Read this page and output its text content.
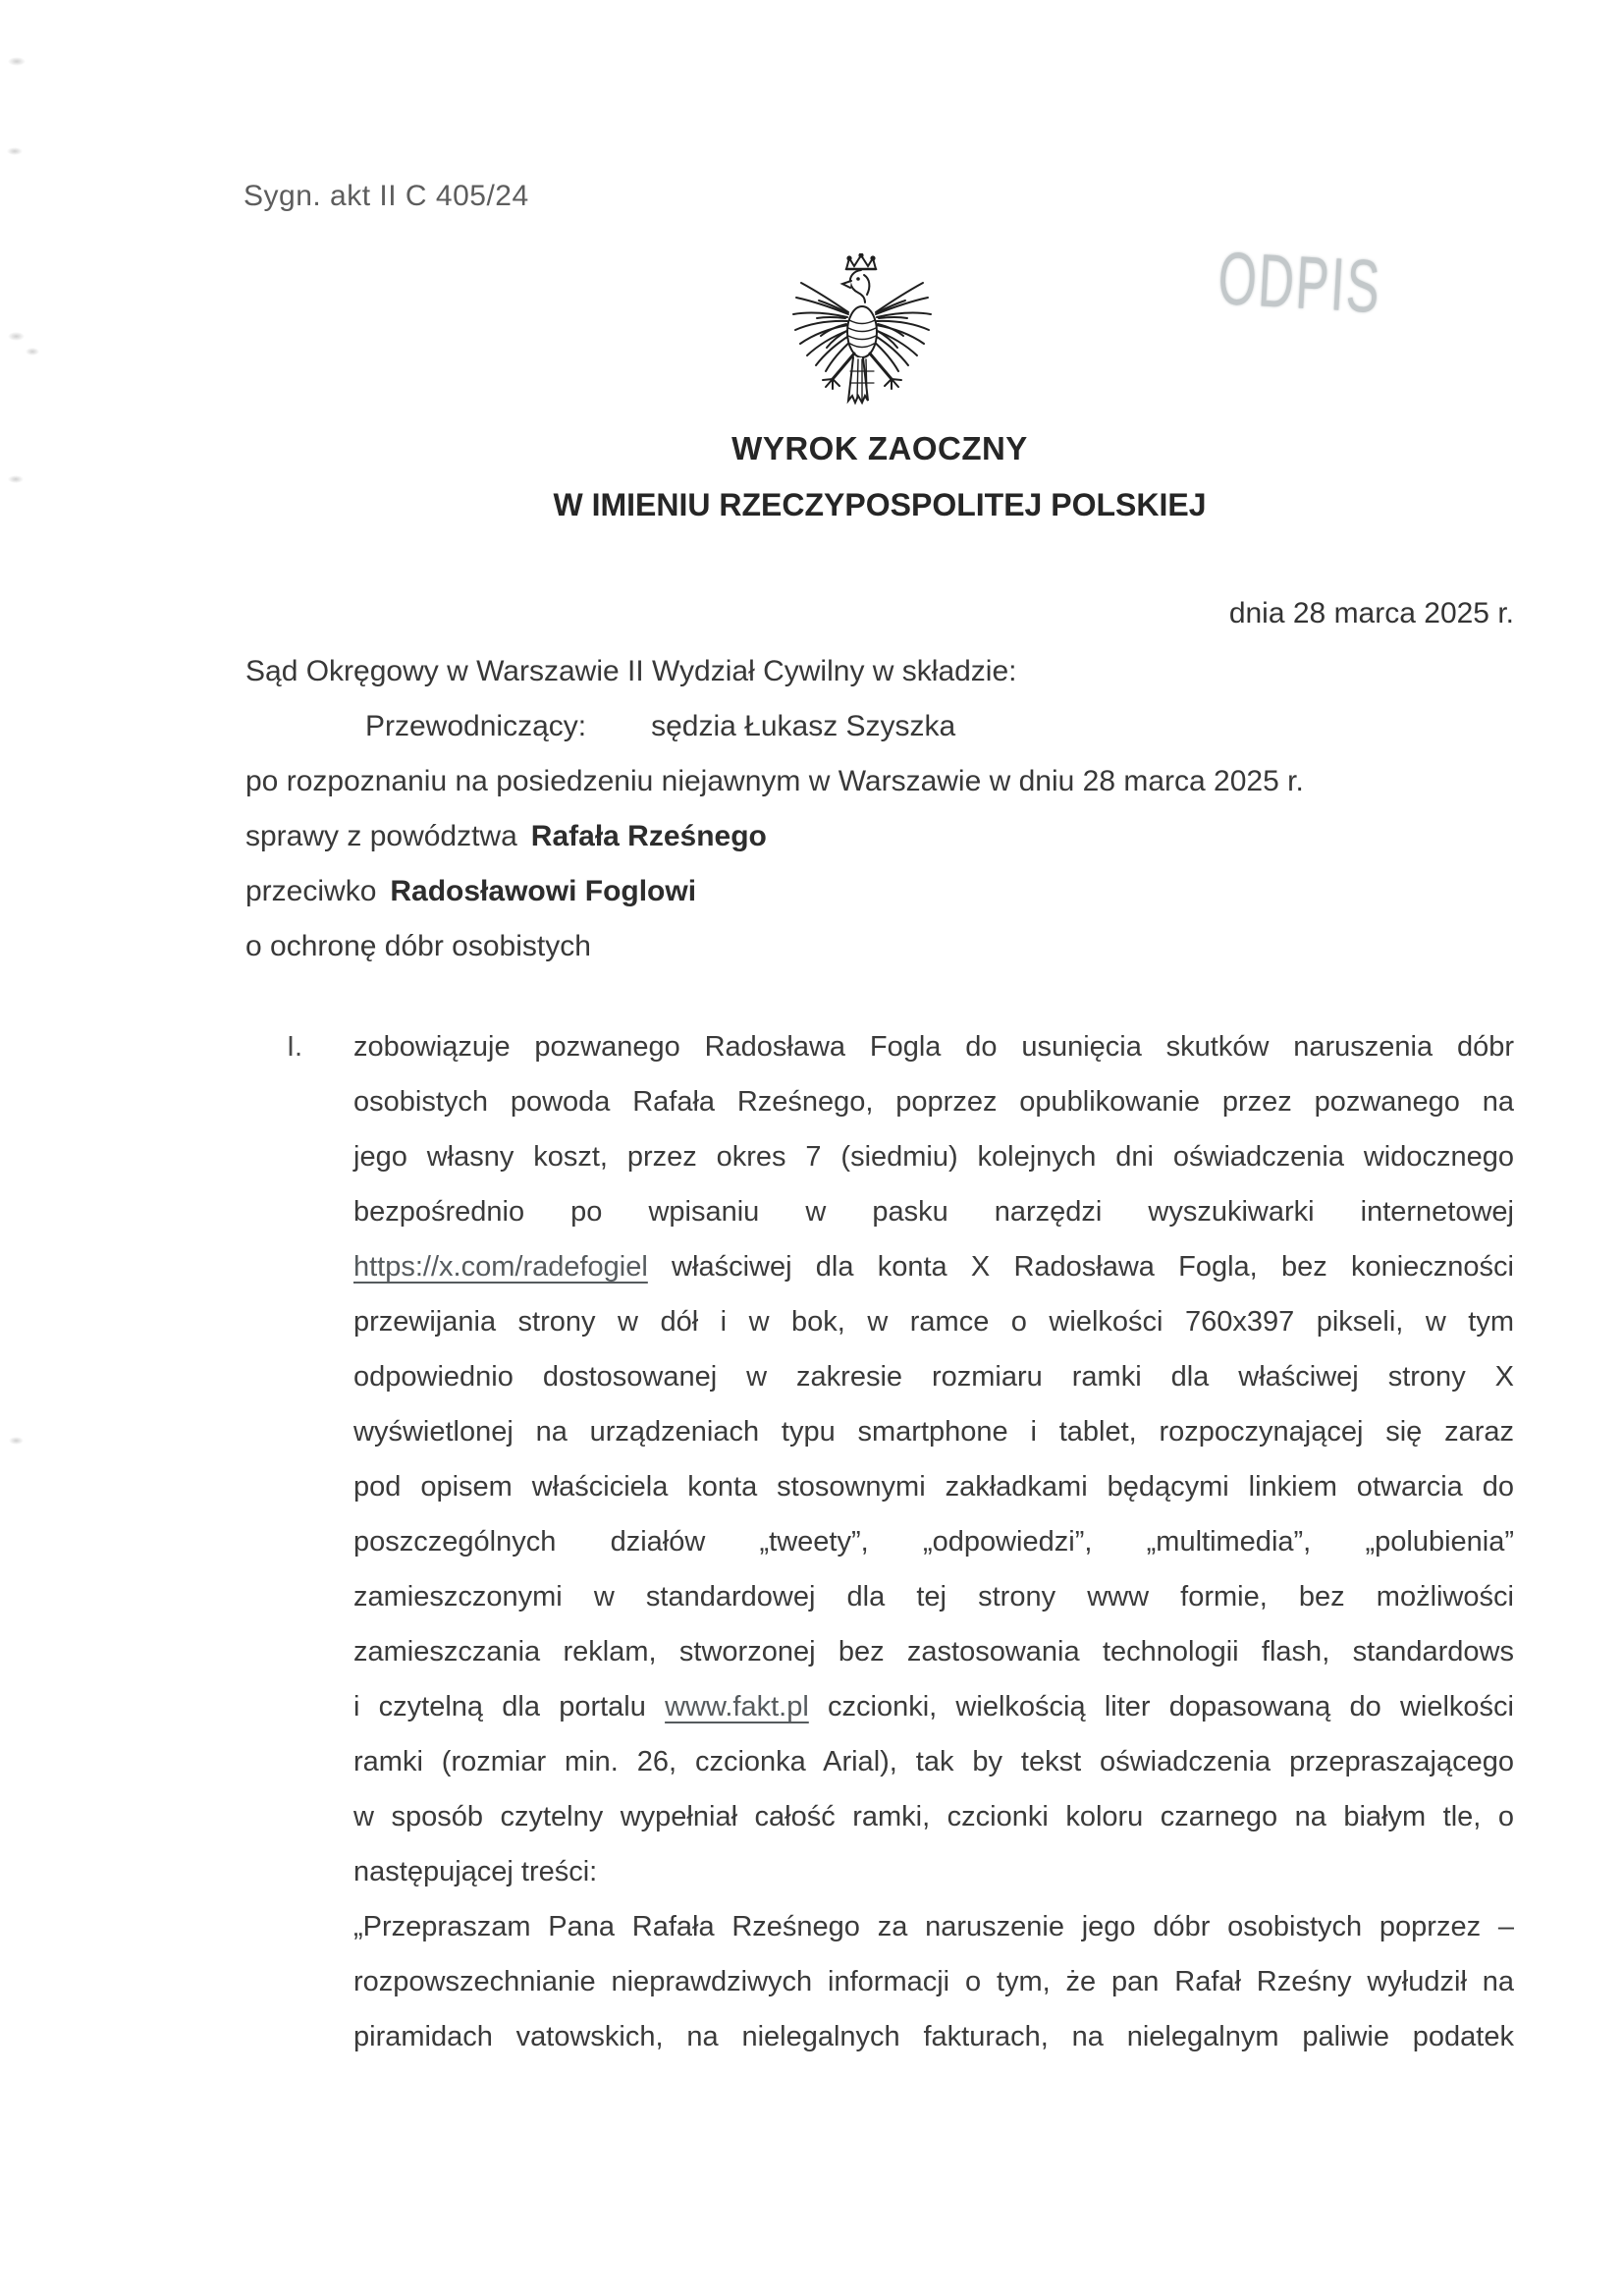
Sygn. akt II C 405/24
ODPIS
WYROK ZAOCZNY
W IMIENIU RZECZYPOSPOLITEJ POLSKIEJ
dnia 28 marca 2025 r.
Sąd Okręgowy w Warszawie II Wydział Cywilny w składzie:
Przewodniczący: sędzia Łukasz Szyszka
po rozpoznaniu na posiedzeniu niejawnym w Warszawie w dniu 28 marca 2025 r.
sprawy z powództwa Rafała Rześnego
przeciwko Radosławowi Foglowi
o ochronę dóbr osobistych
I. zobowiązuje pozwanego Radosława Fogla do usunięcia skutków naruszenia dóbr
osobistych powoda Rafała Rześnego, poprzez opublikowanie przez pozwanego na
jego własny koszt, przez okres 7 (siedmiu) kolejnych dni oświadczenia widocznego
bezpośrednio po wpisaniu w pasku narzędzi wyszukiwarki internetowej
https://x.com/radefogiel właściwej dla konta X Radosława Fogla, bez konieczności
przewijania strony w dół i w bok, w ramce o wielkości 760x397 pikseli, w tym
odpowiednio dostosowanej w zakresie rozmiaru ramki dla właściwej strony X
wyświetlonej na urządzeniach typu smartphone i tablet, rozpoczynającej się zaraz
pod opisem właściciela konta stosownymi zakładkami będącymi linkiem otwarcia do
poszczególnych działów „tweety”, „odpowiedzi”, „multimedia”, „polubienia”
zamieszczonymi w standardowej dla tej strony www formie, bez możliwości
zamieszczania reklam, stworzonej bez zastosowania technologii flash, standardows
i czytelną dla portalu www.fakt.pl czcionki, wielkością liter dopasowaną do wielkości
ramki (rozmiar min. 26, czcionka Arial), tak by tekst oświadczenia przepraszającego
w sposób czytelny wypełniał całość ramki, czcionki koloru czarnego na białym tle, o
następującej treści:
„Przepraszam Pana Rafała Rześnego za naruszenie jego dóbr osobistych poprzez –
rozpowszechnianie nieprawdziwych informacji o tym, że pan Rafał Rześny wyłudził na
piramidach vatowskich, na nielegalnych fakturach, na nielegalnym paliwie podatek
